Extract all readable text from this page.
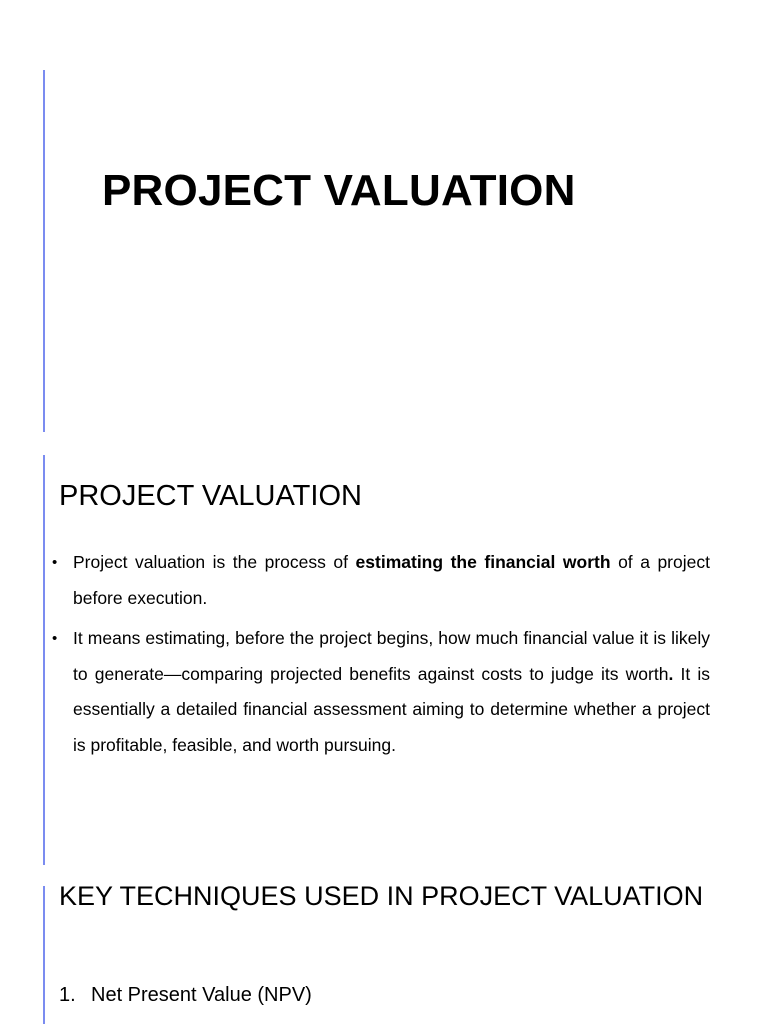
PROJECT VALUATION
PROJECT VALUATION
• Project valuation is the process of estimating the financial worth of a project before execution.
• It means estimating, before the project begins, how much financial value it is likely to generate—comparing projected benefits against costs to judge its worth. It is essentially a detailed financial assessment aiming to determine whether a project is profitable, feasible, and worth pursuing.
KEY TECHNIQUES USED IN PROJECT VALUATION
1. Net Present Value (NPV)
